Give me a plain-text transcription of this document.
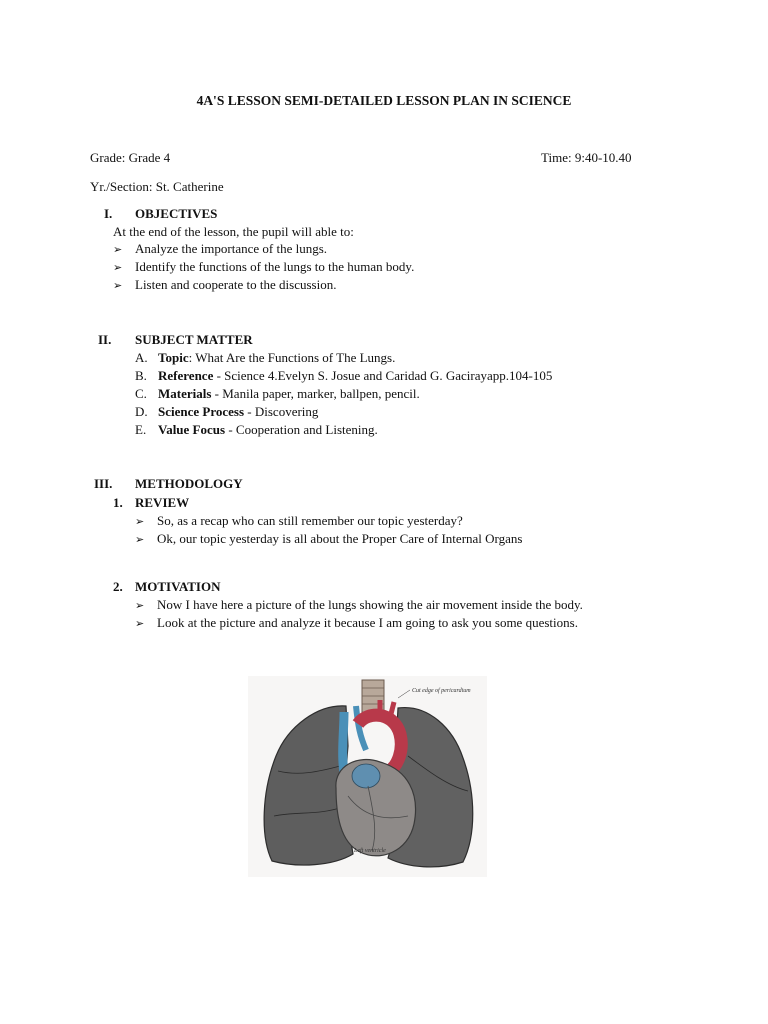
4A'S LESSON SEMI-DETAILED LESSON PLAN IN SCIENCE
Grade: Grade 4	Time: 9:40-10.40
Yr./Section: St. Catherine
I. OBJECTIVES
At the end of the lesson, the pupil will able to:
➢ Analyze the importance of the lungs.
➢ Identify the functions of the lungs to the human body.
➢ Listen and cooperate to the discussion.
II. SUBJECT MATTER
A. Topic: What Are the Functions of The Lungs.
B. Reference - Science 4.Evelyn S. Josue and Caridad G. Gacirayapp.104-105
C. Materials - Manila paper, marker, ballpen, pencil.
D. Science Process - Discovering
E. Value Focus - Cooperation and Listening.
III. METHODOLOGY
1. REVIEW
➢ So, as a recap who can still remember our topic yesterday?
➢ Ok, our topic yesterday is all about the Proper Care of Internal Organs
2. MOTIVATION
➢ Now I have here a picture of the lungs showing the air movement inside the body.
➢ Look at the picture and analyze it because I am going to ask you some questions.
Cut edge of pericardium
Left ventricle
